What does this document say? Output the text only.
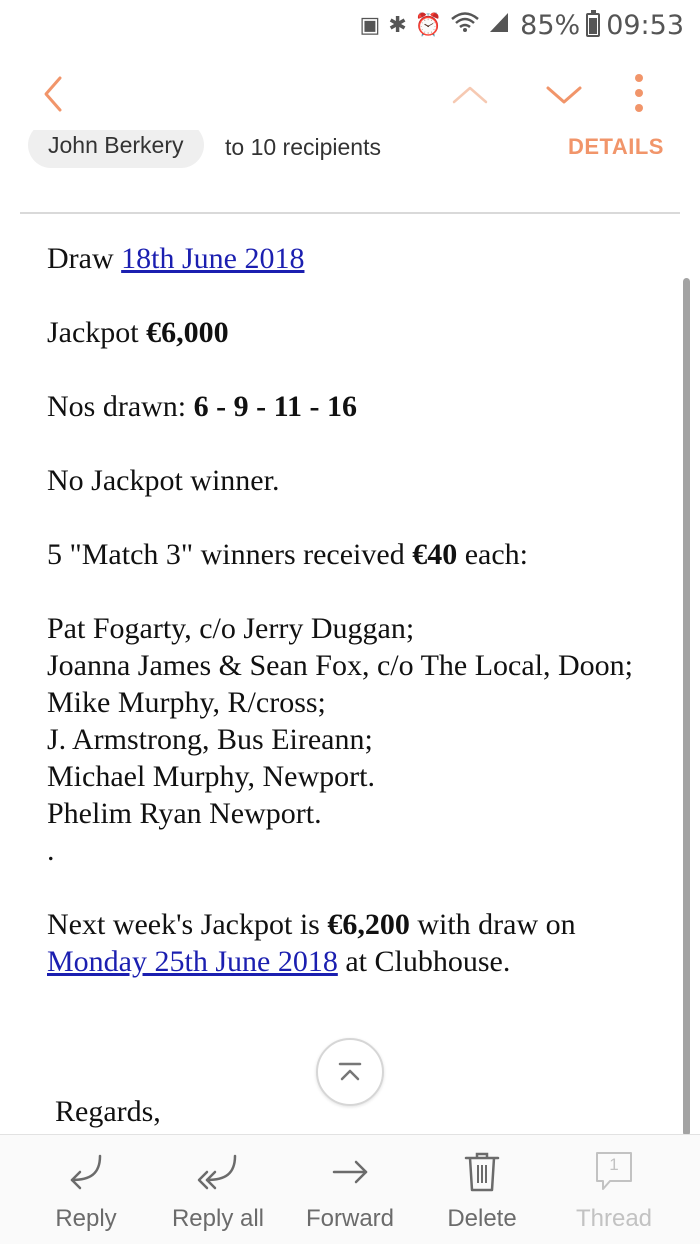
▣ ✱ ⏰	85% 09:53
John Berkery to 10 recipients	DETAILS

Draw 18th June 2018

Jackpot €6,000

Nos drawn: 6 - 9 - 11 - 16

No Jackpot winner.

5 "Match 3" winners received €40 each:

Pat Fogarty, c/o Jerry Duggan;

Joanna James & Sean Fox, c/o The Local, Doon;

Mike Murphy, R/cross;

J. Armstrong, Bus Eireann;

Michael Murphy, Newport.

Phelim Ryan Newport.

.

Next week's Jackpot is €6,200 with draw on Monday 25th June 2018 at Clubhouse.

Regards,
Reply	Reply all	Forward	Delete
1
Thread
